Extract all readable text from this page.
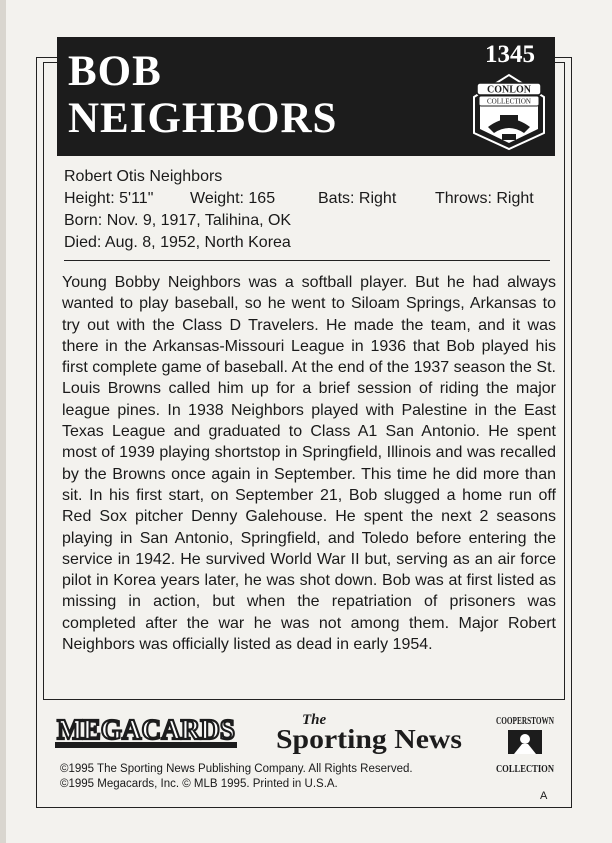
BOB
NEIGHBORS
1345
CONLON
COLLECTION
Robert Otis Neighbors
Height: 5'11" Weight: 165	Bats: Right Throws: Right
Born: Nov. 9, 1917, Talihina, OK
Died: Aug. 8, 1952, North Korea

Young Bobby Neighbors was a softball player. But he had always wanted to play baseball, so he went to Siloam Springs, Arkansas to try out with the Class D Travelers. He made the team, and it was there in the Arkansas-Missouri League in 1936 that Bob played his first complete game of baseball. At the end of the 1937 season the St. Louis Browns called him up for a brief session of riding the major league pines. In 1938 Neighbors played with Palestine in the East Texas League and graduated to Class A1 San Antonio. He spent most of 1939 playing shortstop in Springfield, Illinois and was recalled by the Browns once again in September. This time he did more than sit. In his first start, on September 21, Bob slugged a home run off Red Sox pitcher Denny Galehouse. He spent the next 2 seasons playing in San Antonio, Springfield, and Toledo before entering the service in 1942. He survived World War II but, serving as an air force pilot in Korea years later, he was shot down. Bob was at first listed as missing in action, but when the repatriation of prisoners was completed after the war he was not among them. Major Robert Neighbors was officially listed as dead in early 1954.

MEGACARDS	The
Sporting News
COOPERSTOWN
COLLECTION
©1995 The Sporting News Publishing Company. All Rights Reserved.
©1995 Megacards, Inc. © MLB 1995. Printed in U.S.A.
A
